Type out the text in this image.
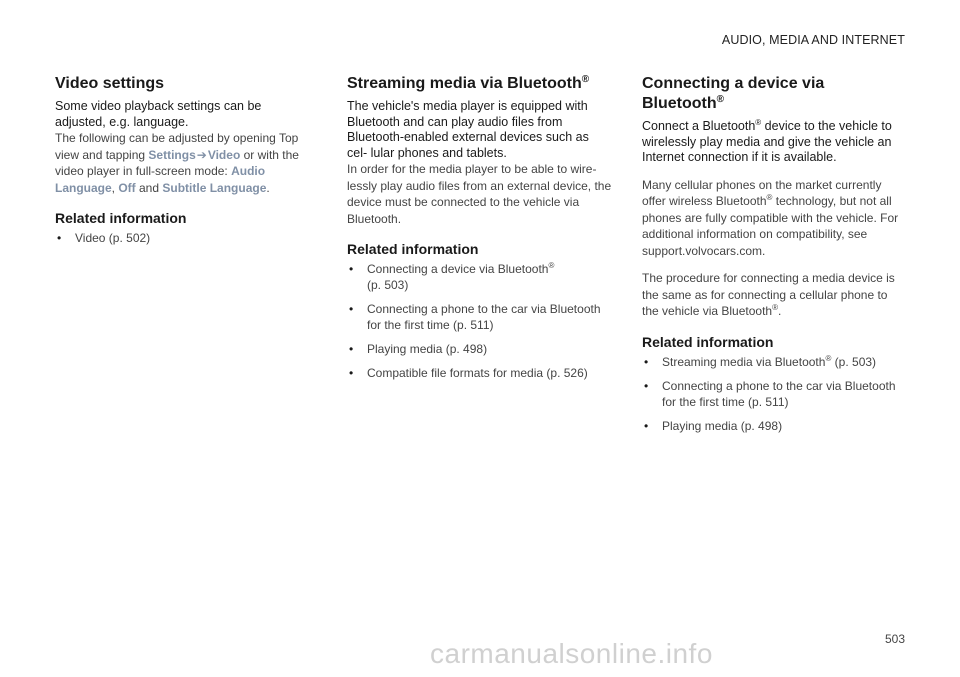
AUDIO, MEDIA AND INTERNET
Video settings

Some video playback settings can be adjusted, e.g. language.

The following can be adjusted by opening Top view and tapping Settings➔Video or with the video player in full-screen mode: Audio Language, Off and Subtitle Language.

Related information
• Video (p. 502)
Streaming media via Bluetooth®

The vehicle's media player is equipped with Bluetooth and can play audio files from Bluetooth-enabled external devices such as cel- lular phones and tablets.

In order for the media player to be able to wire- lessly play audio files from an external device, the device must be connected to the vehicle via Bluetooth.

Related information
• Connecting a device via Bluetooth®
(p. 503)
• Connecting a phone to the car via Bluetooth for the first time (p. 511)
• Playing media (p. 498)
• Compatible file formats for media (p. 526)
Connecting a device via Bluetooth®

Connect a Bluetooth® device to the vehicle to wirelessly play media and give the vehicle an Internet connection if it is available.

Many cellular phones on the market currently offer wireless Bluetooth® technology, but not all phones are fully compatible with the vehicle. For additional information on compatibility, see support.volvocars.com.

The procedure for connecting a media device is the same as for connecting a cellular phone to the vehicle via Bluetooth®.

Related information
• Streaming media via Bluetooth® (p. 503)
• Connecting a phone to the car via Bluetooth for the first time (p. 511)
• Playing media (p. 498)
503
carmanualsonline.info
